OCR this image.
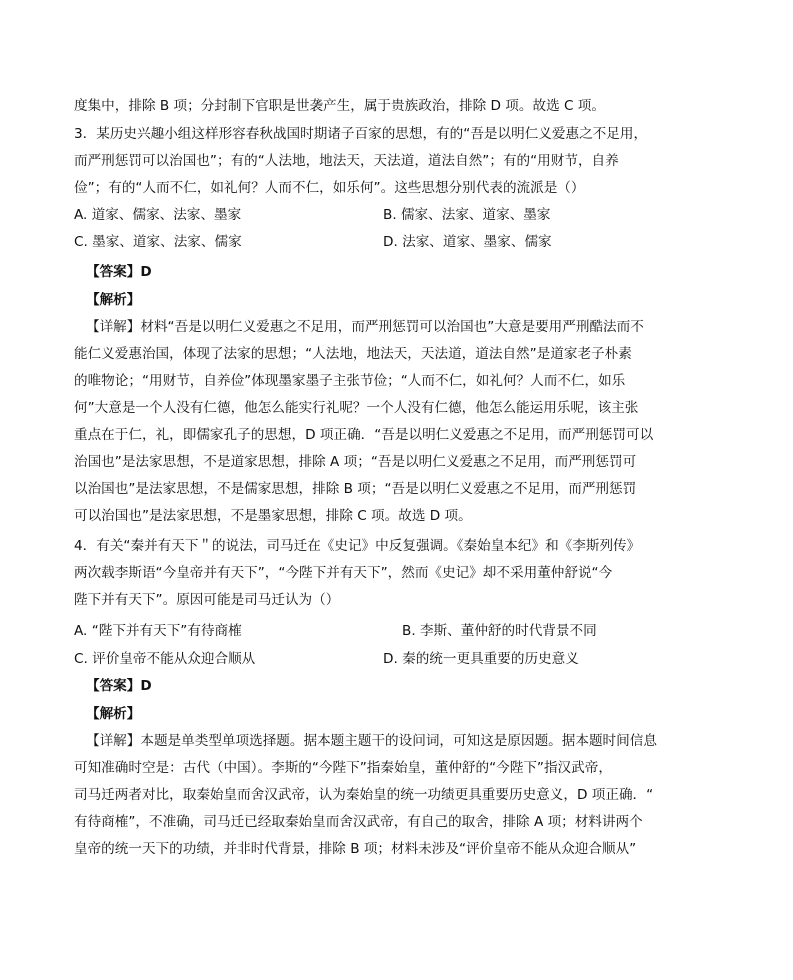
度集中，排除 B 项；分封制下官职是世袭产生，属于贵族政治，排除 D 项。故选 C 项。
3．某历史兴趣小组这样形容春秋战国时期诸子百家的思想，有的“吾是以明仁义爱惠之不足用，
而严刑惩罚可以治国也”；有的“人法地，地法天，天法道，道法自然”；有的“用财节，自养
俭”；有的“人而不仁，如礼何？人而不仁，如乐何”。这些思想分别代表的流派是（）
A. 道家、儒家、法家、墨家	B. 儒家、法家、道家、墨家
C. 墨家、道家、法家、儒家	D. 法家、道家、墨家、儒家
【答案】D
【解析】
【详解】材料“吾是以明仁义爱惠之不足用，而严刑惩罚可以治国也”大意是要用严刑酷法而不
能仁义爱惠治国，体现了法家的思想；“人法地，地法天，天法道，道法自然”是道家老子朴素
的唯物论；“用财节，自养俭”体现墨家墨子主张节俭；“人而不仁，如礼何？人而不仁，如乐
何”大意是一个人没有仁德，他怎么能实行礼呢？一个人没有仁德，他怎么能运用乐呢，该主张
重点在于仁，礼，即儒家孔子的思想，D 项正确．“吾是以明仁义爱惠之不足用，而严刑惩罚可以
治国也”是法家思想，不是道家思想，排除 A 项；“吾是以明仁义爱惠之不足用，而严刑惩罚可
以治国也”是法家思想，不是儒家思想，排除 B 项；“吾是以明仁义爱惠之不足用，而严刑惩罚
可以治国也”是法家思想，不是墨家思想，排除 C 项。故选 D 项。
4．有关“秦并有天下＂的说法，司马迁在《史记》中反复强调。《秦始皇本纪》和《李斯列传》
两次载李斯语“今皇帝并有天下”，“今陛下并有天下”，然而《史记》却不采用董仲舒说“今
陛下并有天下”。原因可能是司马迁认为（）
A. “陛下并有天下”有待商榷	B. 李斯、董仲舒的时代背景不同
C. 评价皇帝不能从众迎合顺从	D. 秦的统一更具重要的历史意义
【答案】D
【解析】
【详解】本题是单类型单项选择题。据本题主题干的设问词，可知这是原因题。据本题时间信息
可知准确时空是：古代（中国）。李斯的“今陛下”指秦始皇，董仲舒的“今陛下”指汉武帝，
司马迁两者对比，取秦始皇而舍汉武帝，认为秦始皇的统一功绩更具重要历史意义，D 项正确．“
有待商榷”，不准确，司马迁已经取秦始皇而舍汉武帝，有自己的取舍，排除 A 项；材料讲两个
皇帝的统一天下的功绩，并非时代背景，排除 B 项；材料未涉及“评价皇帝不能从众迎合顺从”
